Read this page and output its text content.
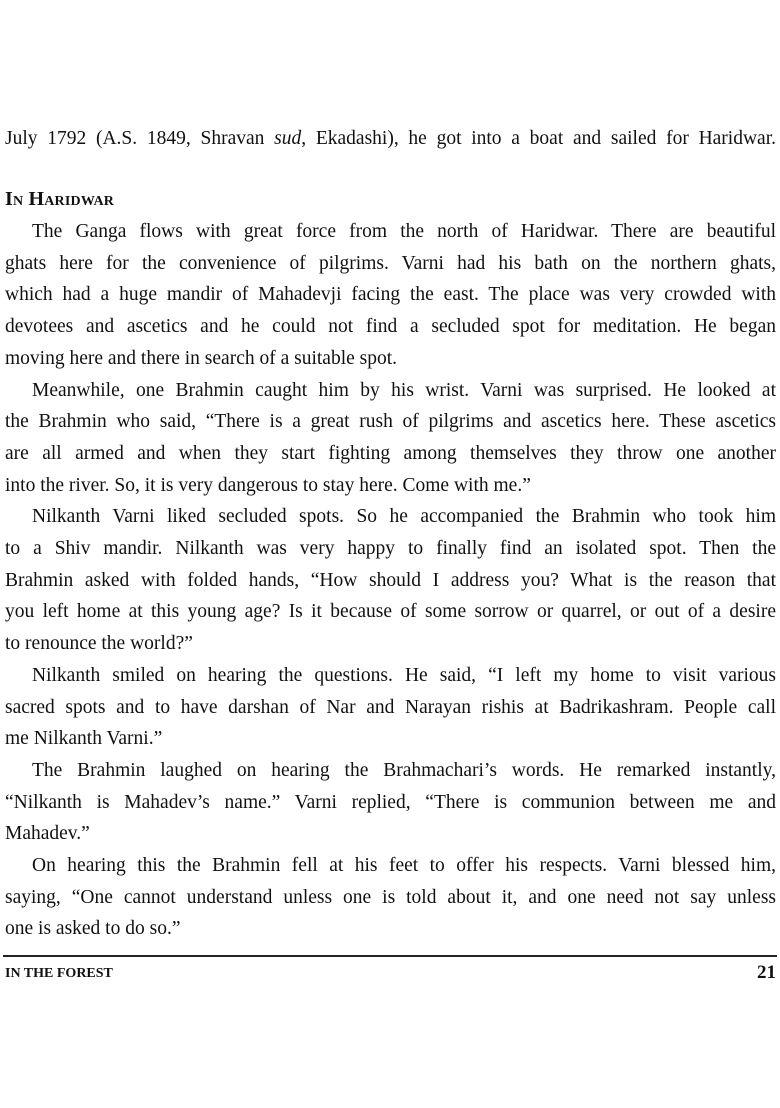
July 1792 (A.S. 1849, Shravan sud, Ekadashi), he got into a boat and sailed for Haridwar.
In Haridwar
The Ganga flows with great force from the north of Haridwar. There are beautiful
ghats here for the convenience of pilgrims. Varni had his bath on the northern ghats,
which had a huge mandir of Mahadevji facing the east. The place was very crowded with
devotees and ascetics and he could not find a secluded spot for meditation. He began
moving here and there in search of a suitable spot.
Meanwhile, one Brahmin caught him by his wrist. Varni was surprised. He looked at
the Brahmin who said, “There is a great rush of pilgrims and ascetics here. These ascetics
are all armed and when they start fighting among themselves they throw one another
into the river. So, it is very dangerous to stay here. Come with me.”
Nilkanth Varni liked secluded spots. So he accompanied the Brahmin who took him
to a Shiv mandir. Nilkanth was very happy to finally find an isolated spot. Then the
Brahmin asked with folded hands, “How should I address you? What is the reason that
you left home at this young age? Is it because of some sorrow or quarrel, or out of a desire
to renounce the world?”
Nilkanth smiled on hearing the questions. He said, “I left my home to visit various
sacred spots and to have darshan of Nar and Narayan rishis at Badrikashram. People call
me Nilkanth Varni.”
The Brahmin laughed on hearing the Brahmachari’s words. He remarked instantly,
“Nilkanth is Mahadev’s name.” Varni replied, “There is communion between me and
Mahadev.”
On hearing this the Brahmin fell at his feet to offer his respects. Varni blessed him,
saying, “One cannot understand unless one is told about it, and one need not say unless
one is asked to do so.”
IN THE FOREST	21
